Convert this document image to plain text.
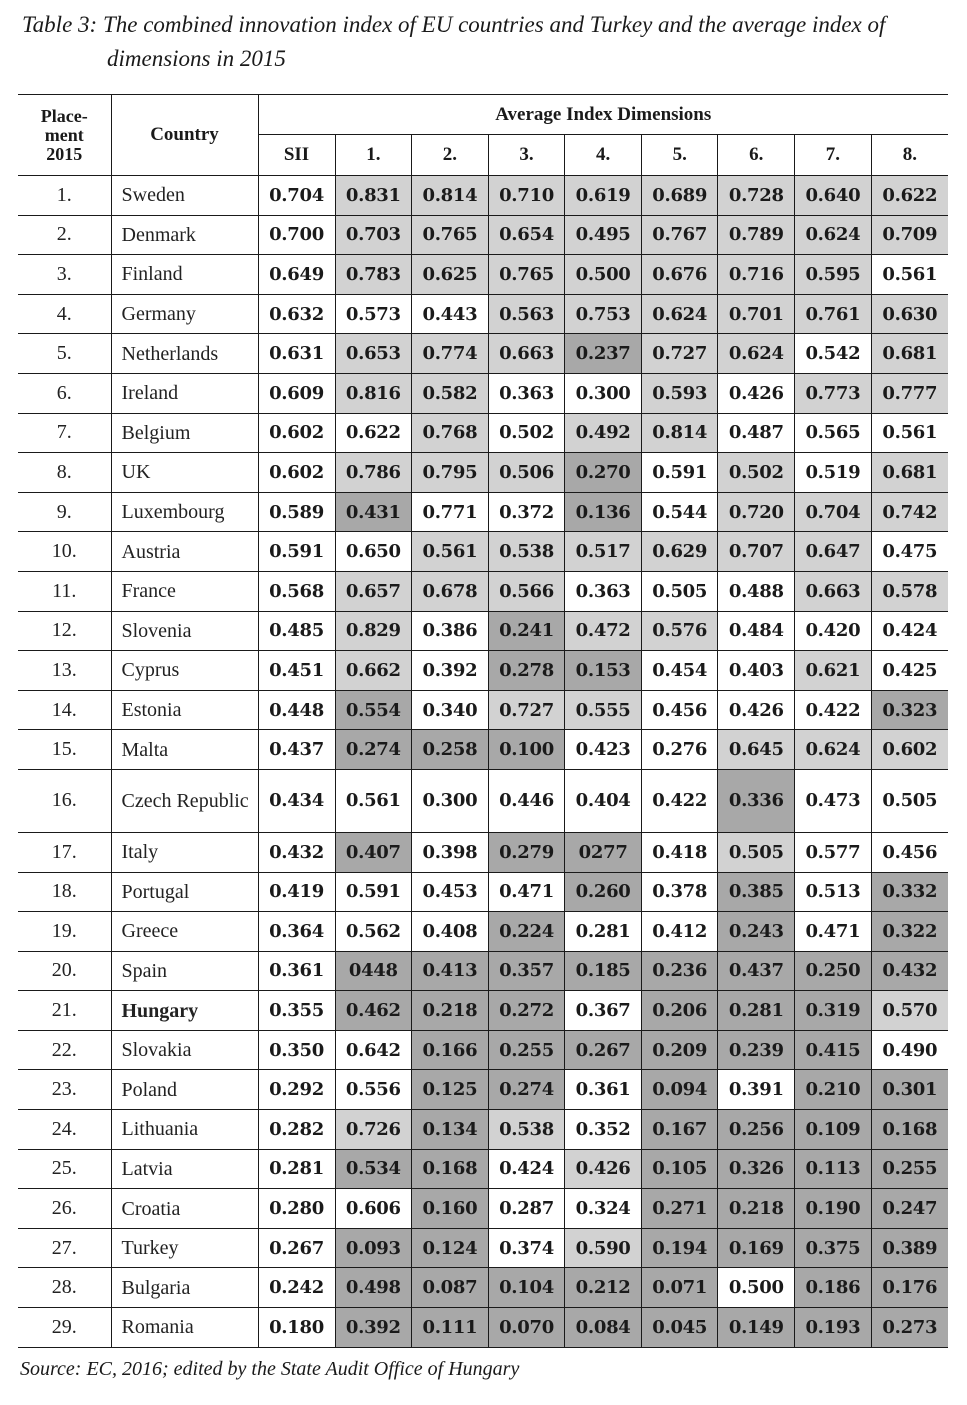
Table 3: The combined innovation index of EU countries and Turkey and the average index of
dimensions in 2015
Place-
ment
2015	Country	Average Index Dimensions								
		SII	1.	2.	3.	4.	5.	6.	7.	8.
1.	Sweden	0.704	0.831	0.814	0.710	0.619	0.689	0.728	0.640	0.622
2.	Denmark	0.700	0.703	0.765	0.654	0.495	0.767	0.789	0.624	0.709
3.	Finland	0.649	0.783	0.625	0.765	0.500	0.676	0.716	0.595	0.561
4.	Germany	0.632	0.573	0.443	0.563	0.753	0.624	0.701	0.761	0.630
5.	Netherlands	0.631	0.653	0.774	0.663	0.237	0.727	0.624	0.542	0.681
6.	Ireland	0.609	0.816	0.582	0.363	0.300	0.593	0.426	0.773	0.777
7.	Belgium	0.602	0.622	0.768	0.502	0.492	0.814	0.487	0.565	0.561
8.	UK	0.602	0.786	0.795	0.506	0.270	0.591	0.502	0.519	0.681
9.	Luxembourg	0.589	0.431	0.771	0.372	0.136	0.544	0.720	0.704	0.742
10.	Austria	0.591	0.650	0.561	0.538	0.517	0.629	0.707	0.647	0.475
11.	France	0.568	0.657	0.678	0.566	0.363	0.505	0.488	0.663	0.578
12.	Slovenia	0.485	0.829	0.386	0.241	0.472	0.576	0.484	0.420	0.424
13.	Cyprus	0.451	0.662	0.392	0.278	0.153	0.454	0.403	0.621	0.425
14.	Estonia	0.448	0.554	0.340	0.727	0.555	0.456	0.426	0.422	0.323
15.	Malta	0.437	0.274	0.258	0.100	0.423	0.276	0.645	0.624	0.602
16.	Czech Republic	0.434	0.561	0.300	0.446	0.404	0.422	0.336	0.473	0.505
17.	Italy	0.432	0.407	0.398	0.279	0277	0.418	0.505	0.577	0.456
18.	Portugal	0.419	0.591	0.453	0.471	0.260	0.378	0.385	0.513	0.332
19.	Greece	0.364	0.562	0.408	0.224	0.281	0.412	0.243	0.471	0.322
20.	Spain	0.361	0448	0.413	0.357	0.185	0.236	0.437	0.250	0.432
21.	Hungary	0.355	0.462	0.218	0.272	0.367	0.206	0.281	0.319	0.570
22.	Slovakia	0.350	0.642	0.166	0.255	0.267	0.209	0.239	0.415	0.490
23.	Poland	0.292	0.556	0.125	0.274	0.361	0.094	0.391	0.210	0.301
24.	Lithuania	0.282	0.726	0.134	0.538	0.352	0.167	0.256	0.109	0.168
25.	Latvia	0.281	0.534	0.168	0.424	0.426	0.105	0.326	0.113	0.255
26.	Croatia	0.280	0.606	0.160	0.287	0.324	0.271	0.218	0.190	0.247
27.	Turkey	0.267	0.093	0.124	0.374	0.590	0.194	0.169	0.375	0.389
28.	Bulgaria	0.242	0.498	0.087	0.104	0.212	0.071	0.500	0.186	0.176
29.	Romania	0.180	0.392	0.111	0.070	0.084	0.045	0.149	0.193	0.273
Source: EC, 2016; edited by the State Audit Office of Hungary
